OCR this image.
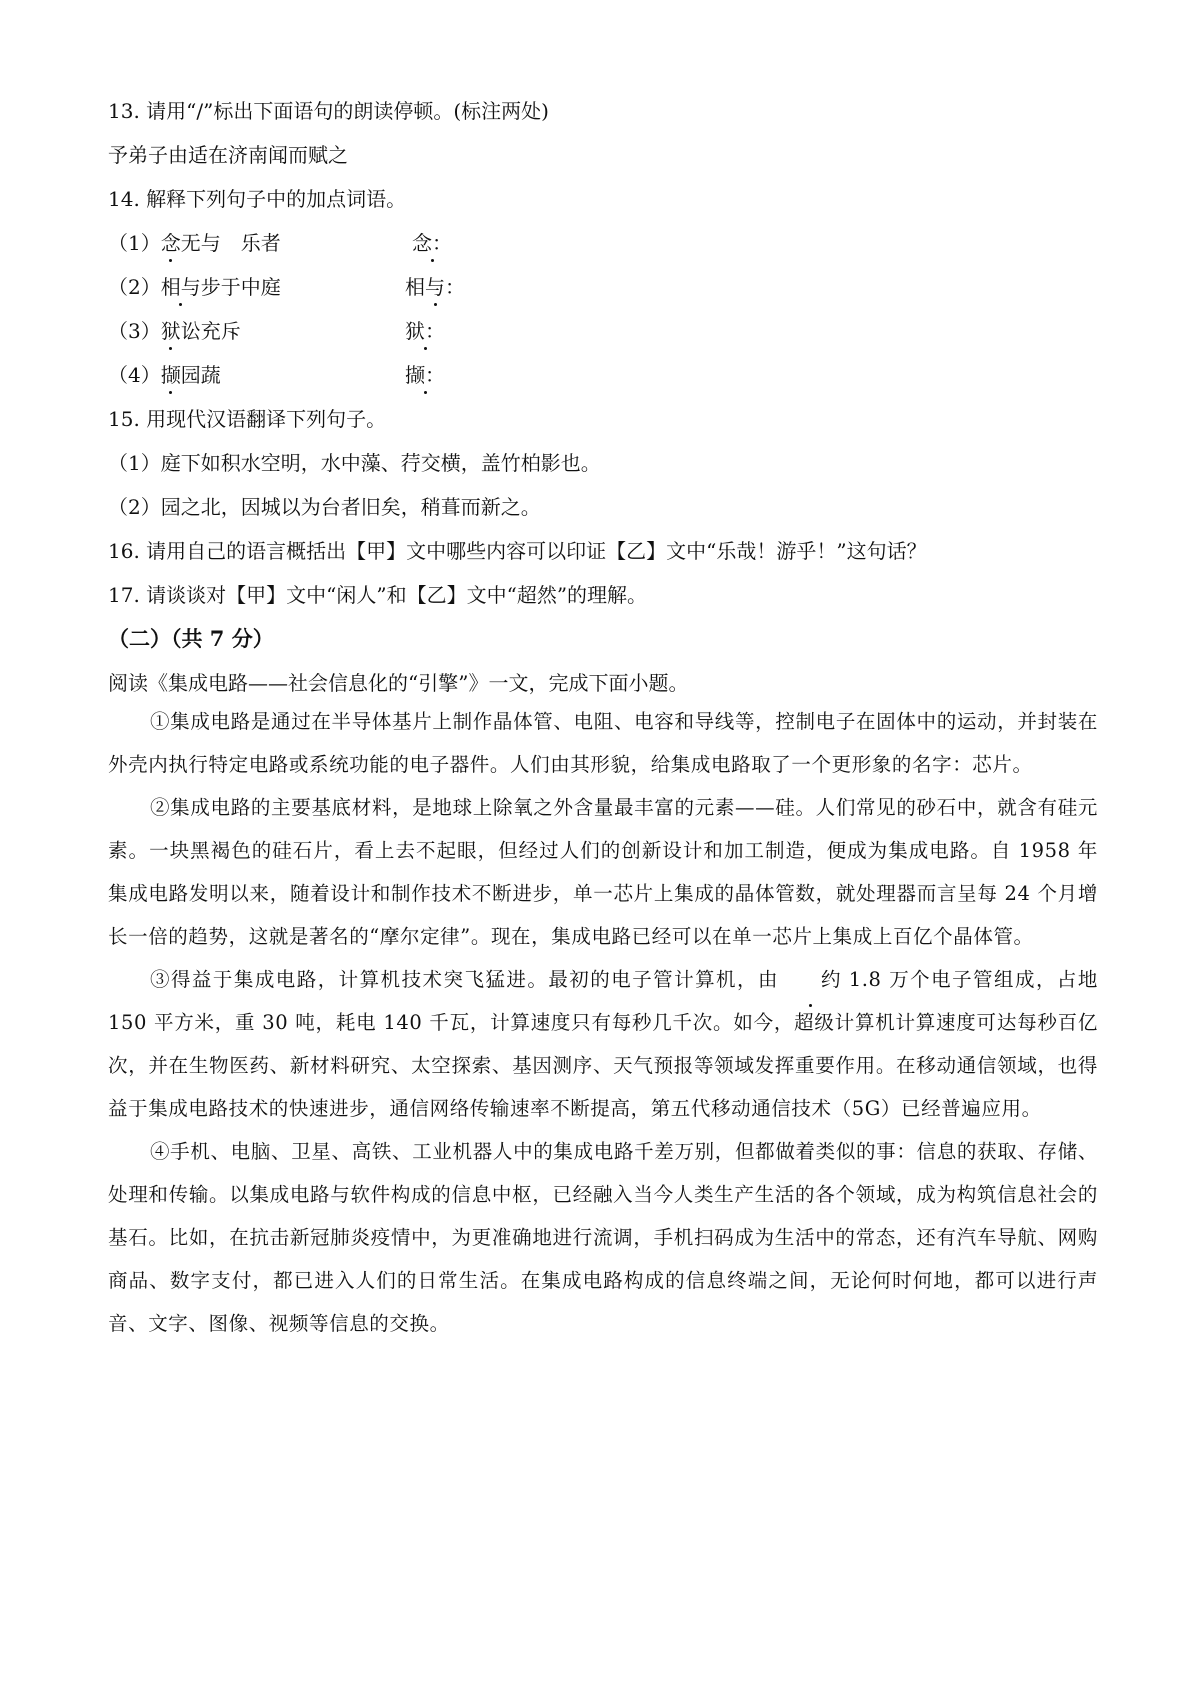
13. 请用“/”标出下面语句的朗读停顿。(标注两处)
予弟子由适在济南闻而赋之
14. 解释下列句子中的加点词语。
（1）念无与　乐者	念：
（2）相与步于中庭	相与：
（3）狱讼充斥	狱：
（4）撷园蔬	撷：
15. 用现代汉语翻译下列句子。
（1）庭下如积水空明，水中藻、荇交横，盖竹柏影也。
（2）园之北，因城以为台者旧矣，稍葺而新之。
16. 请用自己的语言概括出【甲】文中哪些内容可以印证【乙】文中“乐哉！游乎！”这句话？
17. 请谈谈对【甲】文中“闲人”和【乙】文中“超然”的理解。
（二）（共 7 分）
阅读《集成电路——社会信息化的“引擎”》一文，完成下面小题。

①集成电路是通过在半导体基片上制作晶体管、电阻、电容和导线等，控制电子在固体中的运动，并封装在外壳内执行特定电路或系统功能的电子器件。人们由其形貌，给集成电路取了一个更形象的名字：芯片。

②集成电路的主要基底材料，是地球上除氧之外含量最丰富的元素——硅。人们常见的砂石中，就含有硅元素。一块黑褐色的硅石片，看上去不起眼，但经过人们的创新设计和加工制造，便成为集成电路。自 1958 年集成电路发明以来，随着设计和制作技术不断进步，单一芯片上集成的晶体管数，就处理器而言呈每 24 个月增长一倍的趋势，这就是著名的“摩尔定律”。现在，集成电路已经可以在单一芯片上集成上百亿个晶体管。

③得益于集成电路，计算机技术突飞猛进。最初的电子管计算机，由 约 1.8 万个电子管组成，占地 150 平方米，重 30 吨，耗电 140 千瓦，计算速度只有每秒几千次。如今，超级计算机计算速度可达每秒百亿次，并在生物医药、新材料研究、太空探索、基因测序、天气预报等领域发挥重要作用。在移动通信领域，也得益于集成电路技术的快速进步，通信网络传输速率不断提高，第五代移动通信技术（5G）已经普遍应用。

④手机、电脑、卫星、高铁、工业机器人中的集成电路千差万别，但都做着类似的事：信息的获取、存储、处理和传输。以集成电路与软件构成的信息中枢，已经融入当今人类生产生活的各个领域，成为构筑信息社会的基石。比如，在抗击新冠肺炎疫情中，为更准确地进行流调，手机扫码成为生活中的常态，还有汽车导航、网购商品、数字支付，都已进入人们的日常生活。在集成电路构成的信息终端之间，无论何时何地，都可以进行声音、文字、图像、视频等信息的交换。
